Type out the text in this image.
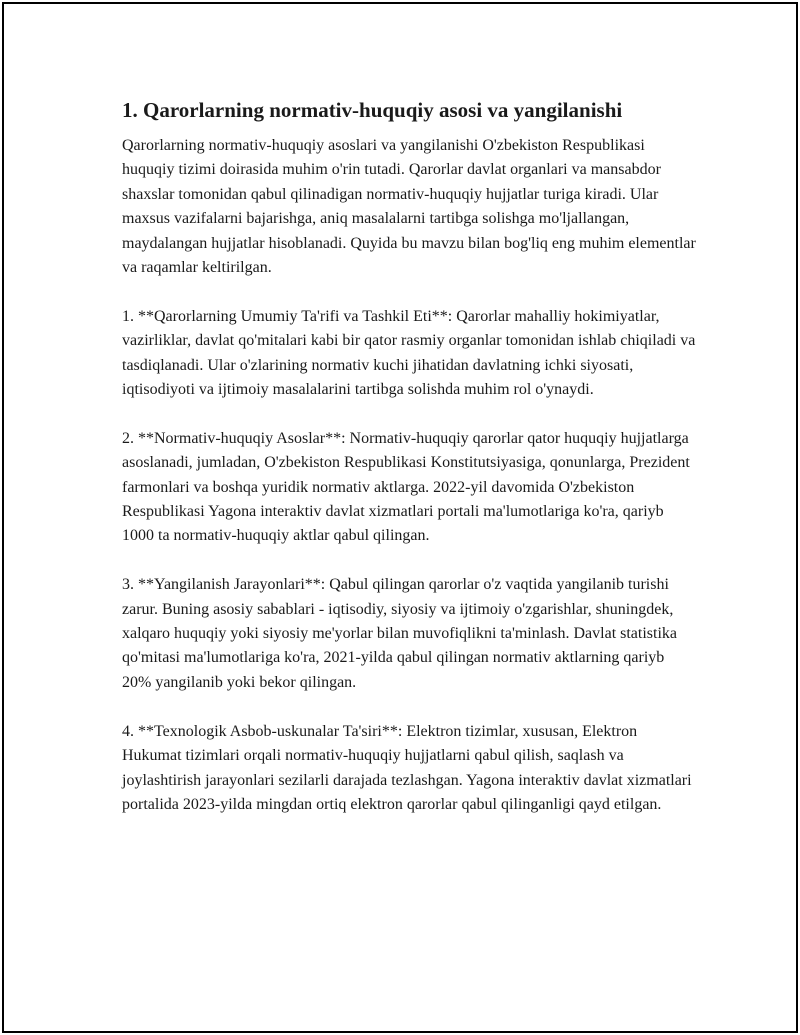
1. Qarorlarning normativ-huquqiy asosi va yangilanishi

Qarorlarning normativ-huquqiy asoslari va yangilanishi O'zbekiston Respublikasi huquqiy tizimi doirasida muhim o'rin tutadi. Qarorlar davlat organlari va mansabdor shaxslar tomonidan qabul qilinadigan normativ-huquqiy hujjatlar turiga kiradi. Ular maxsus vazifalarni bajarishga, aniq masalalarni tartibga solishga mo'ljallangan, maydalangan hujjatlar hisoblanadi. Quyida bu mavzu bilan bog'liq eng muhim elementlar va raqamlar keltirilgan.

1. **Qarorlarning Umumiy Ta'rifi va Tashkil Eti**: Qarorlar mahalliy hokimiyatlar, vazirliklar, davlat qo'mitalari kabi bir qator rasmiy organlar tomonidan ishlab chiqiladi va tasdiqlanadi. Ular o'zlarining normativ kuchi jihatidan davlatning ichki siyosati, iqtisodiyoti va ijtimoiy masalalarini tartibga solishda muhim rol o'ynaydi.

2. **Normativ-huquqiy Asoslar**: Normativ-huquqiy qarorlar qator huquqiy hujjatlarga asoslanadi, jumladan, O'zbekiston Respublikasi Konstitutsiyasiga, qonunlarga, Prezident farmonlari va boshqa yuridik normativ aktlarga. 2022-yil davomida O'zbekiston Respublikasi Yagona interaktiv davlat xizmatlari portali ma'lumotlariga ko'ra, qariyb 1000 ta normativ-huquqiy aktlar qabul qilingan.

3. **Yangilanish Jarayonlari**: Qabul qilingan qarorlar o'z vaqtida yangilanib turishi zarur. Buning asosiy sabablari - iqtisodiy, siyosiy va ijtimoiy o'zgarishlar, shuningdek, xalqaro huquqiy yoki siyosiy me'yorlar bilan muvofiqlikni ta'minlash. Davlat statistika qo'mitasi ma'lumotlariga ko'ra, 2021-yilda qabul qilingan normativ aktlarning qariyb 20% yangilanib yoki bekor qilingan.

4. **Texnologik Asbob-uskunalar Ta'siri**: Elektron tizimlar, xususan, Elektron Hukumat tizimlari orqali normativ-huquqiy hujjatlarni qabul qilish, saqlash va joylashtirish jarayonlari sezilarli darajada tezlashgan. Yagona interaktiv davlat xizmatlari portalida 2023-yilda mingdan ortiq elektron qarorlar qabul qilinganligi qayd etilgan.
